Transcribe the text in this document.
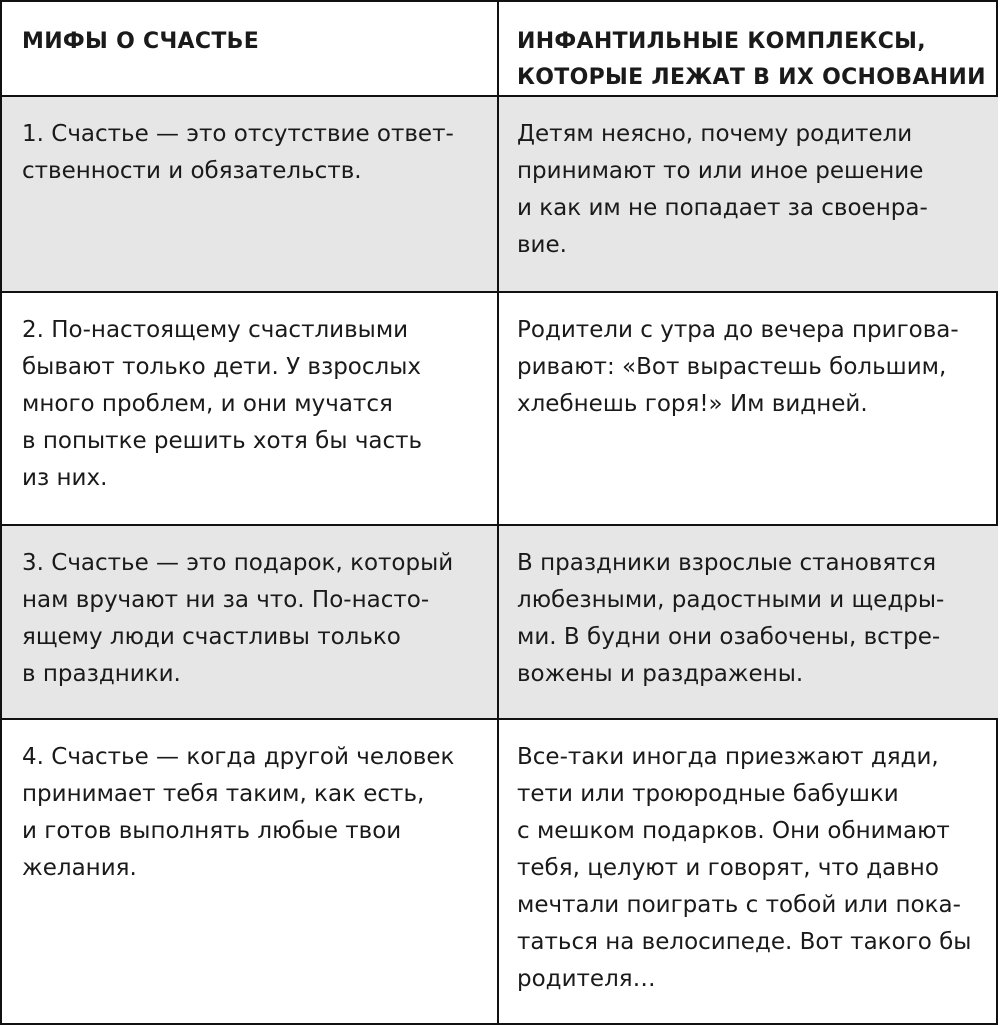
МИФЫ О СЧАСТЬЕ	ИНФАНТИЛЬНЫЕ КОМПЛЕКСЫ,
КОТОРЫЕ ЛЕЖАТ В ИХ ОСНОВАНИИ
1. Счастье — это отсутствие ответ-
ственности и обязательств.
Детям неясно, почему родители
принимают то или иное решение
и как им не попадает за своенра-
вие.
2. По-настоящему счастливыми
бывают только дети. У взрослых
много проблем, и они мучатся
в попытке решить хотя бы часть
из них.
Родители с утра до вечера пригова-
ривают: «Вот вырастешь большим,
хлебнешь горя!» Им видней.
3. Счастье — это подарок, который
нам вручают ни за что. По-насто-
ящему люди счастливы только
в праздники.
В праздники взрослые становятся
любезными, радостными и щедры-
ми. В будни они озабочены, встре-
вожены и раздражены.
4. Счастье — когда другой человек
принимает тебя таким, как есть,
и готов выполнять любые твои
желания.
Все-таки иногда приезжают дяди,
тети или троюродные бабушки
с мешком подарков. Они обнимают
тебя, целуют и говорят, что давно
мечтали поиграть с тобой или пока-
таться на велосипеде. Вот такого бы
родителя…
